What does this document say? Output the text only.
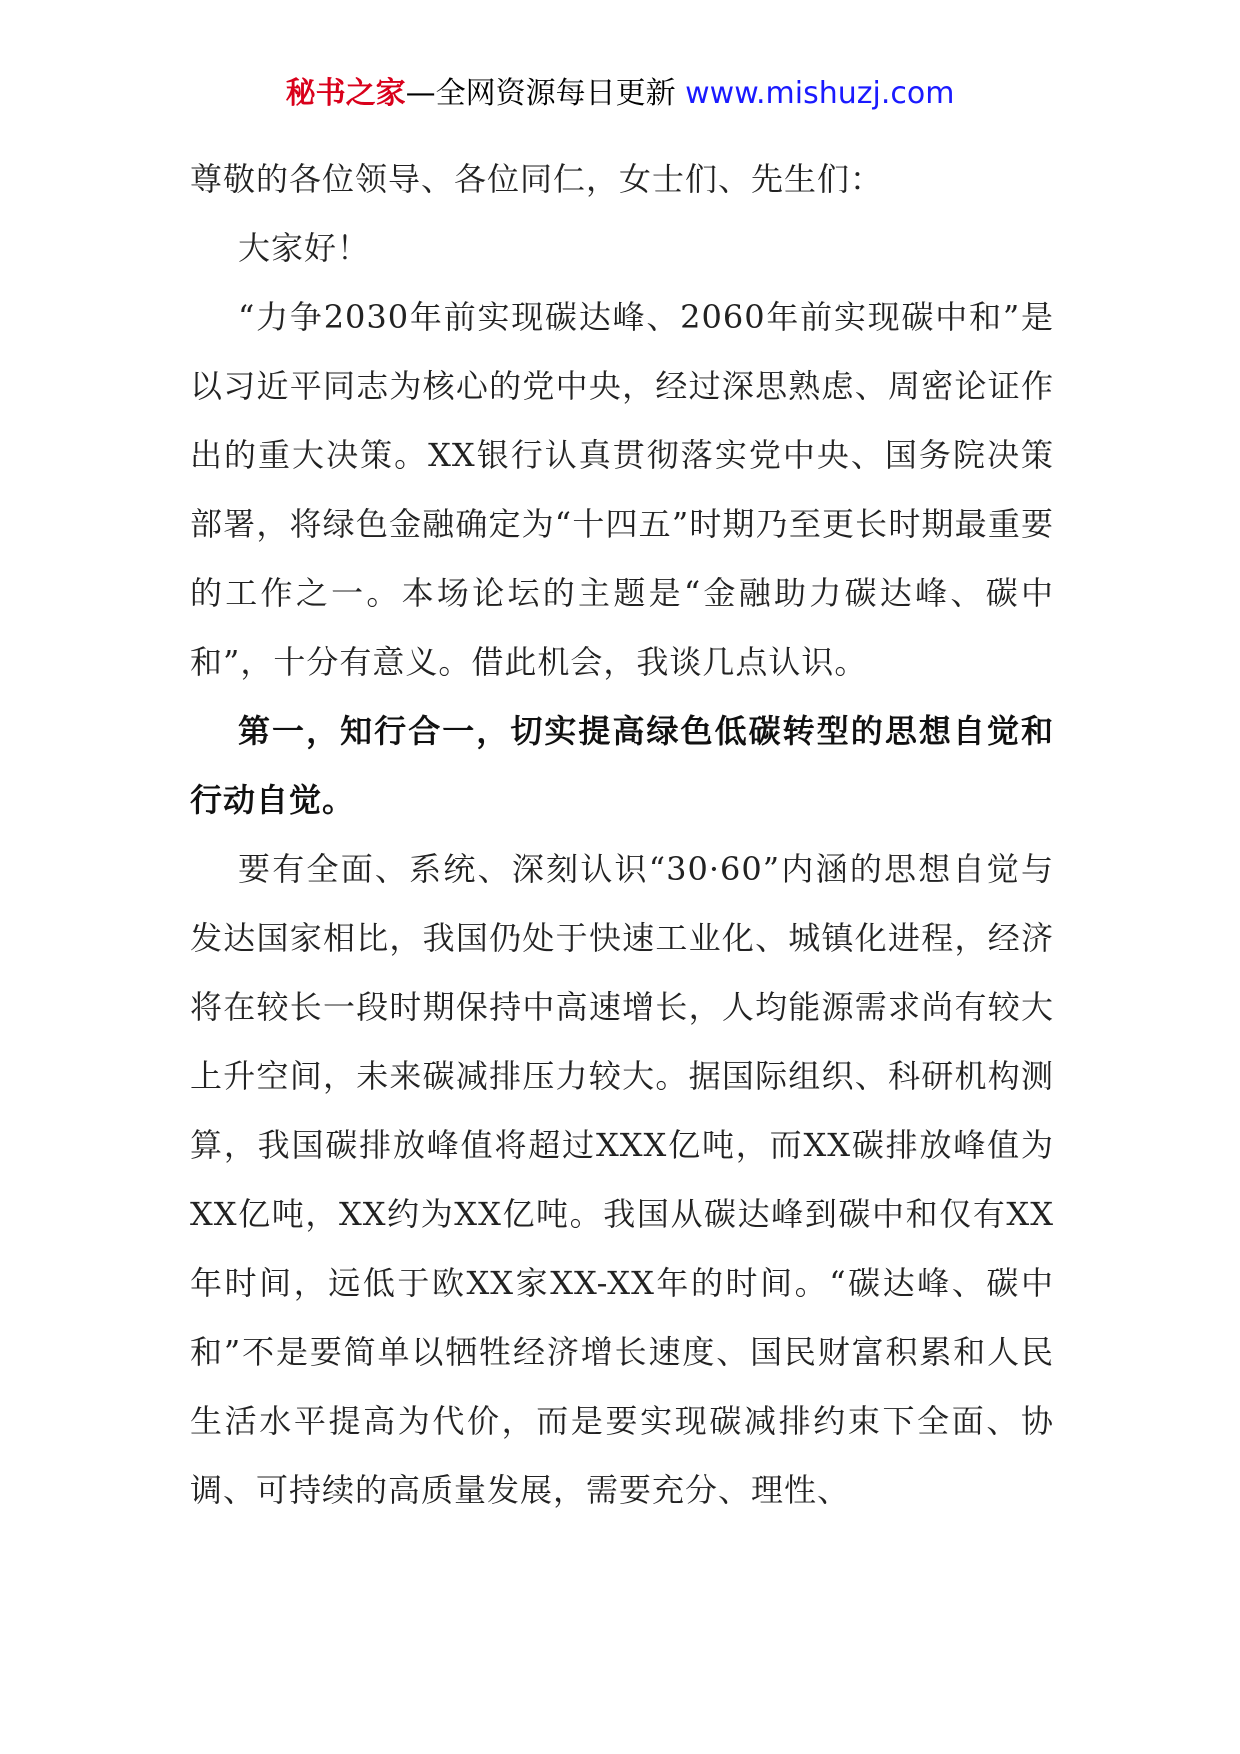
秘书之家—全网资源每日更新 www.mishuzj.com

尊敬的各位领导、各位同仁，女士们、先生们：

大家好！

“力争2030年前实现碳达峰、2060年前实现碳中和”是以习近平同志为核心的党中央，经过深思熟虑、周密论证作出的重大决策。XX银行认真贯彻落实党中央、国务院决策部署，将绿色金融确定为“十四五”时期乃至更长时期最重要的工作之一。本场论坛的主题是“金融助力碳达峰、碳中和”，十分有意义。借此机会，我谈几点认识。

第一，知行合一，切实提高绿色低碳转型的思想自觉和行动自觉。

要有全面、系统、深刻认识“30·60”内涵的思想自觉与发达国家相比，我国仍处于快速工业化、城镇化进程，经济将在较长一段时期保持中高速增长，人均能源需求尚有较大上升空间，未来碳减排压力较大。据国际组织、科研机构测算，我国碳排放峰值将超过XXX亿吨，而XX碳排放峰值为XX亿吨，XX约为XX亿吨。我国从碳达峰到碳中和仅有XX年时间，远低于欧XX家XX-XX年的时间。“碳达峰、碳中和”不是要简单以牺牲经济增长速度、国民财富积累和人民生活水平提高为代价，而是要实现碳减排约束下全面、协调、可持续的高质量发展，需要充分、理性、
